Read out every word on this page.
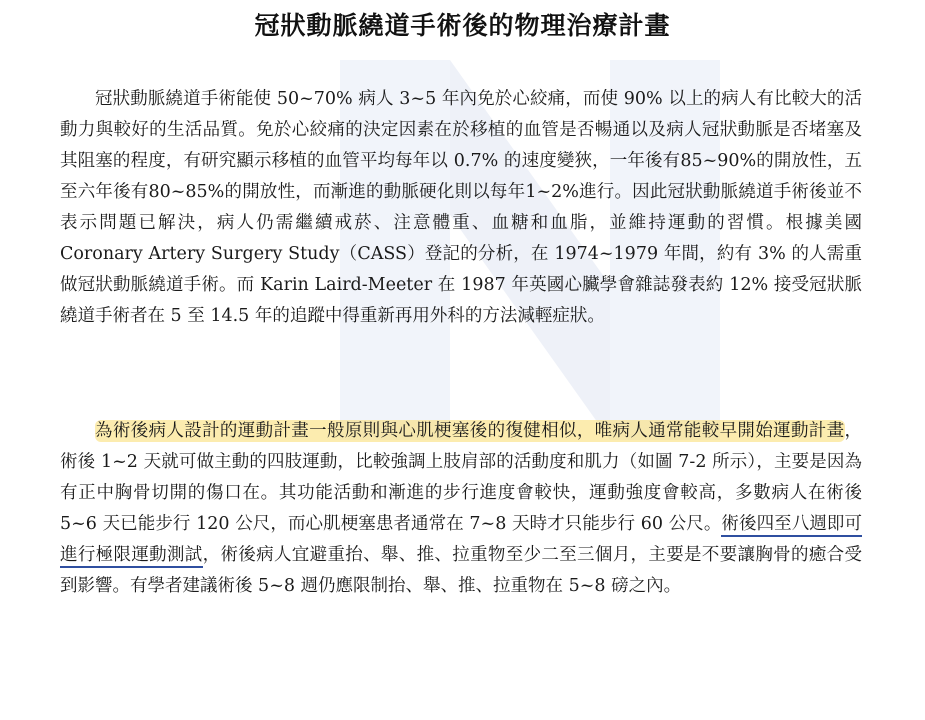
冠狀動脈繞道手術後的物理治療計畫

冠狀動脈繞道手術能使 50~70% 病人 3~5 年內免於心絞痛，而使 90% 以上的病人有比較大的活動力與較好的生活品質。免於心絞痛的決定因素在於移植的血管是否暢通以及病人冠狀動脈是否堵塞及其阻塞的程度，有研究顯示移植的血管平均每年以 0.7% 的速度變狹，一年後有85~90%的開放性，五至六年後有80~85%的開放性，而漸進的動脈硬化則以每年1~2%進行。因此冠狀動脈繞道手術後並不表示問題已解決，病人仍需繼續戒菸、注意體重、血糖和血脂，並維持運動的習慣。根據美國 Coronary Artery Surgery Study（CASS）登記的分析，在 1974~1979 年間，約有 3% 的人需重做冠狀動脈繞道手術。而 Karin Laird-Meeter 在 1987 年英國心臟學會雜誌發表約 12% 接受冠狀脈繞道手術者在 5 至 14.5 年的追蹤中得重新再用外科的方法減輕症狀。

為術後病人設計的運動計畫一般原則與心肌梗塞後的復健相似，唯病人通常能較早開始運動計畫，術後 1~2 天就可做主動的四肢運動，比較強調上肢肩部的活動度和肌力（如圖 7-2 所示），主要是因為有正中胸骨切開的傷口在。其功能活動和漸進的步行進度會較快，運動強度會較高，多數病人在術後 5~6 天已能步行 120 公尺，而心肌梗塞患者通常在 7~8 天時才只能步行 60 公尺。術後四至八週即可進行極限運動測試，術後病人宜避重抬、舉、推、拉重物至少二至三個月，主要是不要讓胸骨的癒合受到影響。有學者建議術後 5~8 週仍應限制抬、舉、推、拉重物在 5~8 磅之內。
